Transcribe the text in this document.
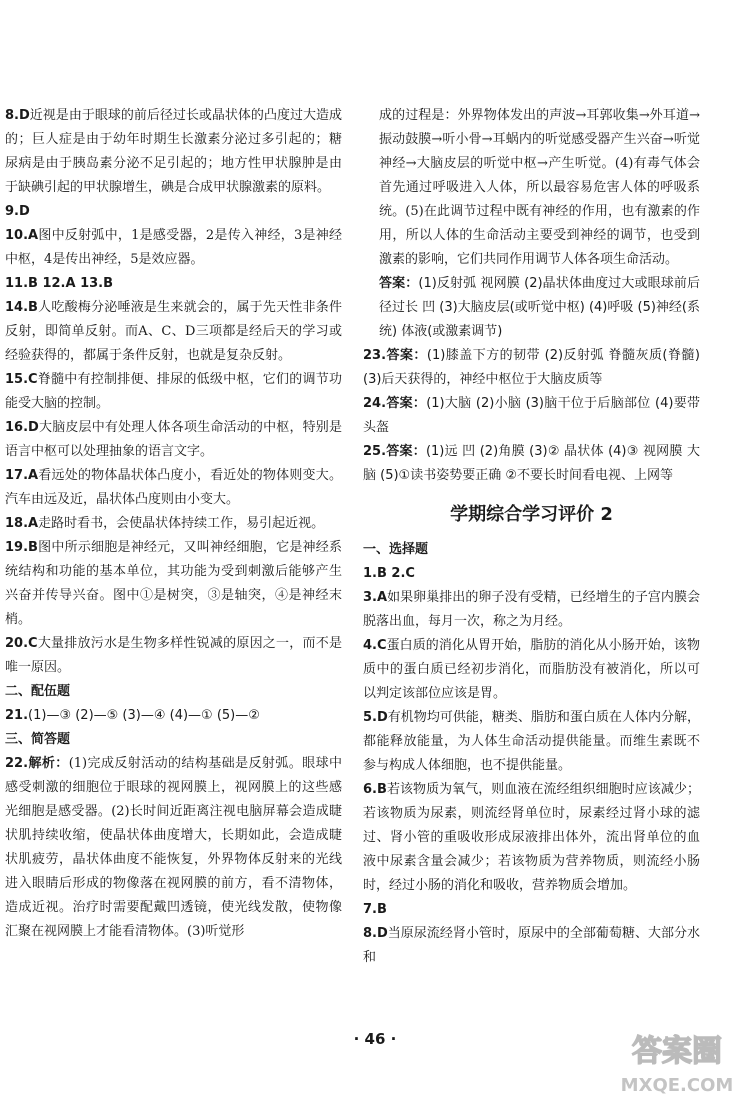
8.D近视是由于眼球的前后径过长或晶状体的凸度过大造成的；巨人症是由于幼年时期生长激素分泌过多引起的；糖尿病是由于胰岛素分泌不足引起的；地方性甲状腺肿是由于缺碘引起的甲状腺增生，碘是合成甲状腺激素的原料。

9.D

10.A图中反射弧中，1是感受器，2是传入神经，3是神经中枢，4是传出神经，5是效应器。

11.B 12.A 13.B

14.B人吃酸梅分泌唾液是生来就会的，属于先天性非条件反射，即简单反射。而A、C、D三项都是经后天的学习或经验获得的，都属于条件反射，也就是复杂反射。

15.C脊髓中有控制排便、排尿的低级中枢，它们的调节功能受大脑的控制。

16.D大脑皮层中有处理人体各项生命活动的中枢，特别是语言中枢可以处理抽象的语言文字。

17.A看远处的物体晶状体凸度小，看近处的物体则变大。汽车由远及近，晶状体凸度则由小变大。

18.A走路时看书，会使晶状体持续工作，易引起近视。

19.B图中所示细胞是神经元，又叫神经细胞，它是神经系统结构和功能的基本单位，其功能为受到刺激后能够产生兴奋并传导兴奋。图中①是树突，③是轴突，④是神经末梢。

20.C大量排放污水是生物多样性锐减的原因之一，而不是唯一原因。

二、配伍题

21.(1)—③ (2)—⑤ (3)—④ (4)—① (5)—②

三、简答题

22.解析：(1)完成反射活动的结构基础是反射弧。眼球中感受刺激的细胞位于眼球的视网膜上，视网膜上的这些感光细胞是感受器。(2)长时间近距离注视电脑屏幕会造成睫状肌持续收缩，使晶状体曲度增大，长期如此，会造成睫状肌疲劳，晶状体曲度不能恢复，外界物体反射来的光线进入眼睛后形成的物像落在视网膜的前方，看不清物体，造成近视。治疗时需要配戴凹透镜，使光线发散，使物像汇聚在视网膜上才能看清物体。(3)听觉形

成的过程是：外界物体发出的声波→耳郭收集→外耳道→振动鼓膜→听小骨→耳蜗内的听觉感受器产生兴奋→听觉神经→大脑皮层的听觉中枢→产生听觉。(4)有毒气体会首先通过呼吸进入人体，所以最容易危害人体的呼吸系统。(5)在此调节过程中既有神经的作用，也有激素的作用，所以人体的生命活动主要受到神经的调节，也受到激素的影响，它们共同作用调节人体各项生命活动。

答案：(1)反射弧 视网膜 (2)晶状体曲度过大或眼球前后径过长 凹 (3)大脑皮层(或听觉中枢) (4)呼吸 (5)神经(系统) 体液(或激素调节)

23.答案：(1)膝盖下方的韧带 (2)反射弧 脊髓灰质(脊髓) (3)后天获得的，神经中枢位于大脑皮质等

24.答案：(1)大脑 (2)小脑 (3)脑干位于后脑部位 (4)要带头盔

25.答案：(1)远 凹 (2)角膜 (3)② 晶状体 (4)③ 视网膜 大脑 (5)①读书姿势要正确 ②不要长时间看电视、上网等

学期综合学习评价 2
一、选择题

1.B 2.C

3.A如果卵巢排出的卵子没有受精，已经增生的子宫内膜会脱落出血，每月一次，称之为月经。

4.C蛋白质的消化从胃开始，脂肪的消化从小肠开始，该物质中的蛋白质已经初步消化，而脂肪没有被消化，所以可以判定该部位应该是胃。

5.D有机物均可供能，糖类、脂肪和蛋白质在人体内分解，都能释放能量，为人体生命活动提供能量。而维生素既不参与构成人体细胞，也不提供能量。

6.B若该物质为氧气，则血液在流经组织细胞时应该减少；若该物质为尿素，则流经肾单位时，尿素经过肾小球的滤过、肾小管的重吸收形成尿液排出体外，流出肾单位的血液中尿素含量会减少；若该物质为营养物质，则流经小肠时，经过小肠的消化和吸收，营养物质会增加。

7.B

8.D当原尿流经肾小管时，原尿中的全部葡萄糖、大部分水和

· 46 ·	答案圈
MXQE.COM
